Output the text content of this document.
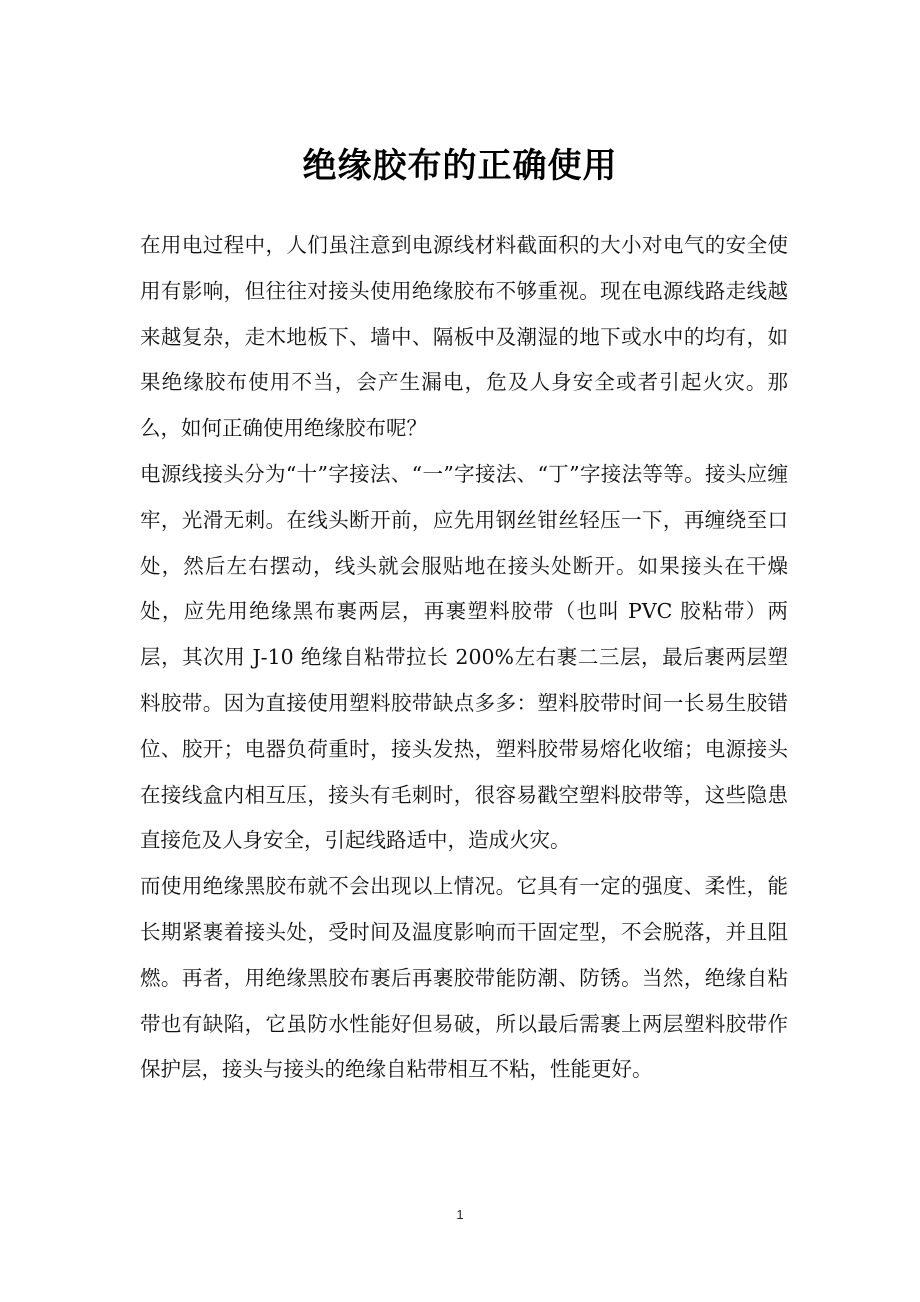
绝缘胶布的正确使用

在用电过程中，人们虽注意到电源线材料截面积的大小对电气的安全使用有影响，但往往对接头使用绝缘胶布不够重视。现在电源线路走线越来越复杂，走木地板下、墙中、隔板中及潮湿的地下或水中的均有，如果绝缘胶布使用不当，会产生漏电，危及人身安全或者引起火灾。那么，如何正确使用绝缘胶布呢？

电源线接头分为“十”字接法、“一”字接法、“丁”字接法等等。接头应缠牢，光滑无刺。在线头断开前，应先用钢丝钳丝轻压一下，再缠绕至口处，然后左右摆动，线头就会服贴地在接头处断开。如果接头在干燥处，应先用绝缘黑布裹两层，再裹塑料胶带（也叫 PVC 胶粘带）两层，其次用 J-10 绝缘自粘带拉长 200%左右裹二三层，最后裹两层塑料胶带。因为直接使用塑料胶带缺点多多：塑料胶带时间一长易生胶错位、胶开；电器负荷重时，接头发热，塑料胶带易熔化收缩；电源接头在接线盒内相互压，接头有毛刺时，很容易戳空塑料胶带等，这些隐患直接危及人身安全，引起线路适中，造成火灾。

而使用绝缘黑胶布就不会出现以上情况。它具有一定的强度、柔性，能长期紧裹着接头处，受时间及温度影响而干固定型，不会脱落，并且阻燃。再者，用绝缘黑胶布裹后再裹胶带能防潮、防锈。当然，绝缘自粘带也有缺陷，它虽防水性能好但易破，所以最后需裹上两层塑料胶带作保护层，接头与接头的绝缘自粘带相互不粘，性能更好。

1
